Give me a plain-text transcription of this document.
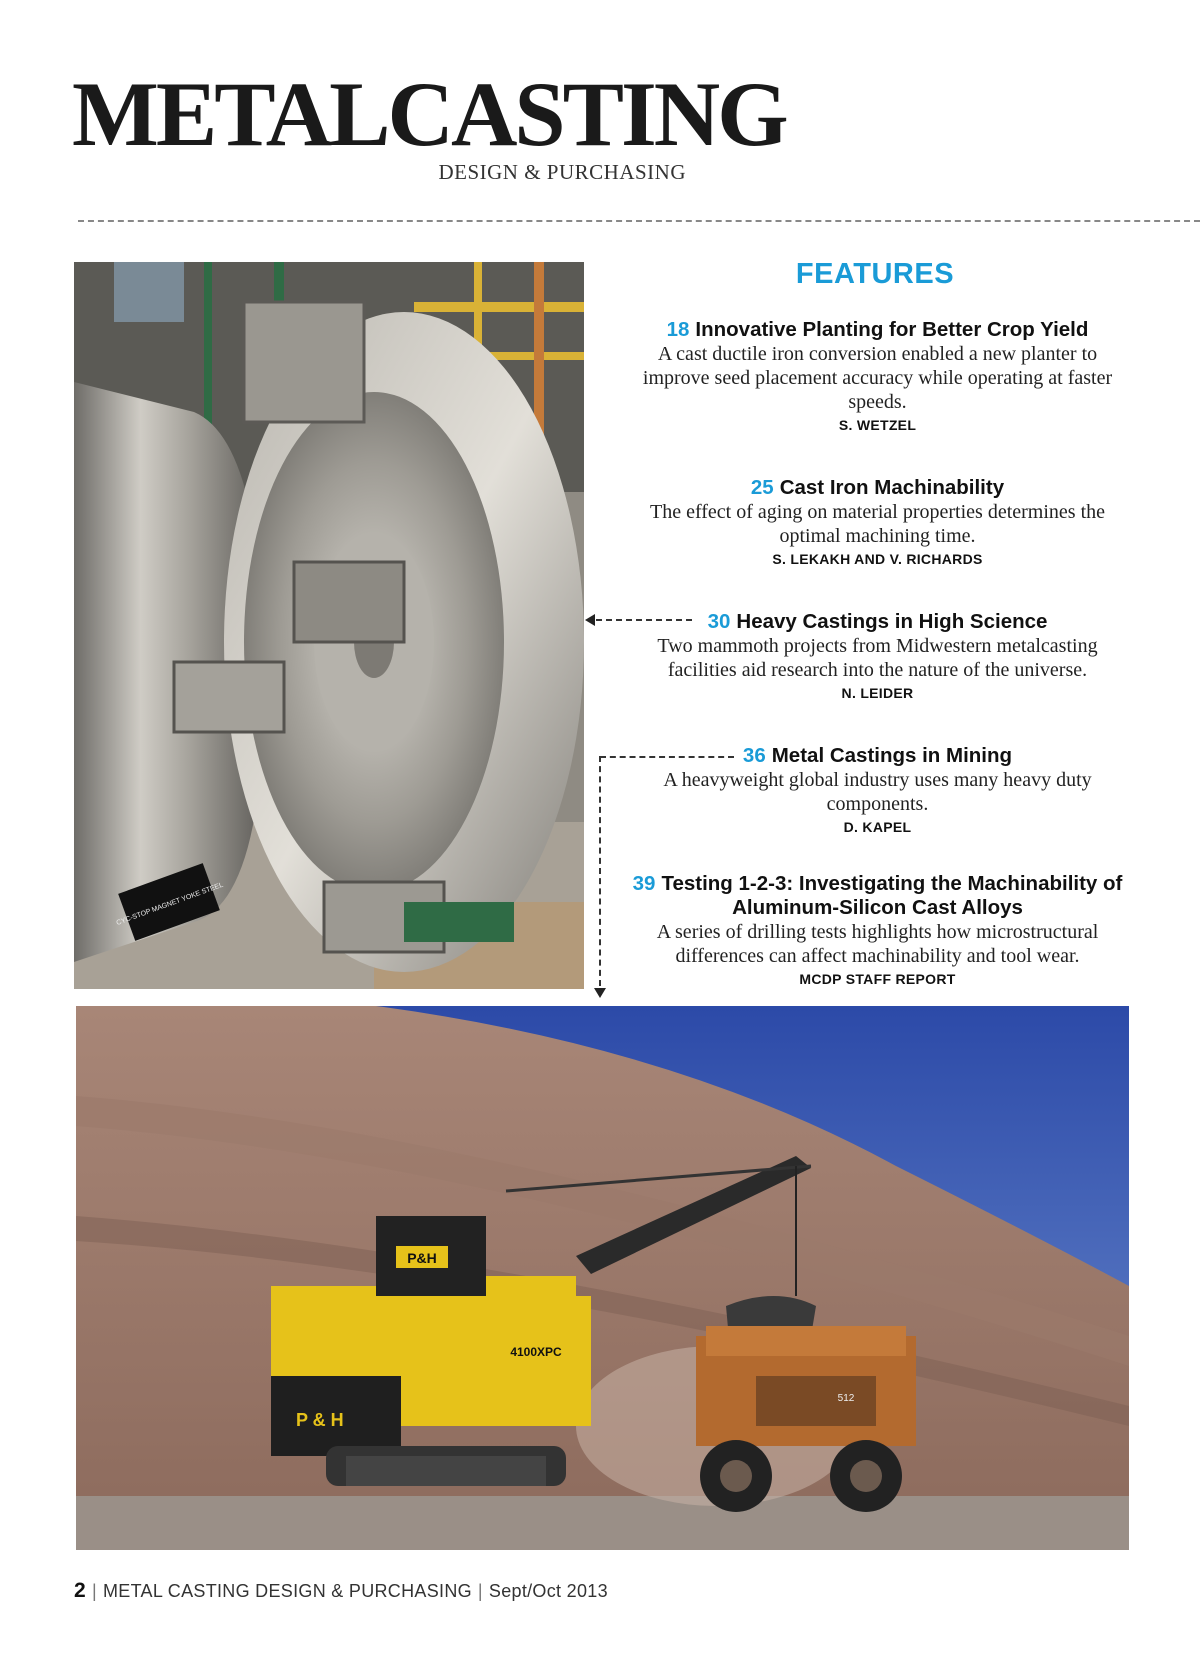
METALCASTING
DESIGN & PURCHASING
CYC-STOP MAGNET YOKE STEEL
FEATURES
18 Innovative Planting for Better Crop Yield
A cast ductile iron conversion enabled a new planter to improve seed placement accuracy while operating at faster speeds.
S. WETZEL
25 Cast Iron Machinability
The effect of aging on material properties determines the optimal machining time.
S. LEKAKH AND V. RICHARDS
30 Heavy Castings in High Science
Two mammoth projects from Midwestern metalcasting facilities aid research into the nature of the universe.
N. LEIDER
36 Metal Castings in Mining
A heavyweight global industry uses many heavy duty components.
D. KAPEL
39 Testing 1-2-3: Investigating the Machinability of Aluminum-Silicon Cast Alloys
A series of drilling tests highlights how microstructural differences can affect machinability and tool wear.
MCDP STAFF REPORT
P&H
4100XPC
P & H
512
2 | METAL CASTING DESIGN & PURCHASING | Sept/Oct 2013
